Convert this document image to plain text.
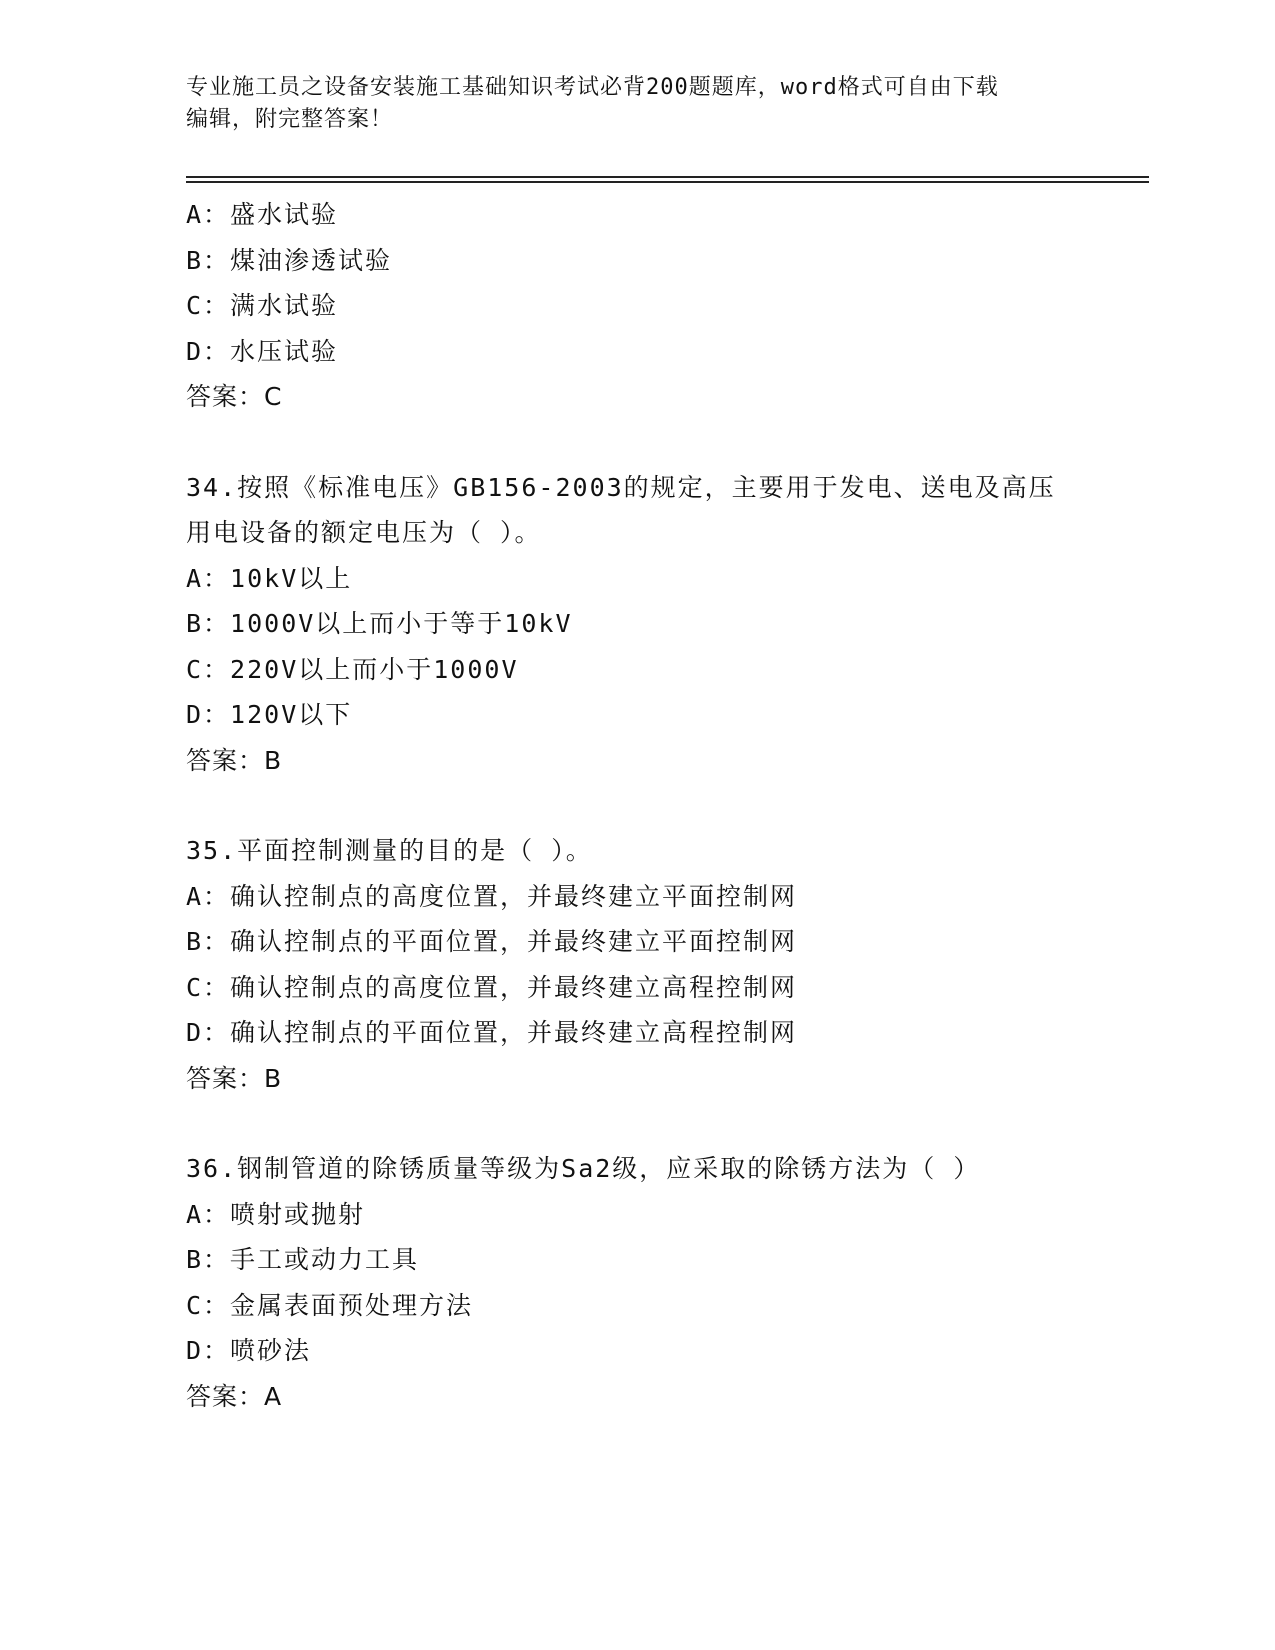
专业施工员之设备安装施工基础知识考试必背200题题库，word格式可自由下载
编辑，附完整答案！
A：盛水试验
B：煤油渗透试验
C：满水试验
D：水压试验
答案：C
34.按照《标准电压》GB156-2003的规定，主要用于发电、送电及高压
用电设备的额定电压为（ ）。
A：10kV以上
B：1000V以上而小于等于10kV
C：220V以上而小于1000V
D：120V以下
答案：B
35.平面控制测量的目的是（ ）。
A：确认控制点的高度位置，并最终建立平面控制网
B：确认控制点的平面位置，并最终建立平面控制网
C：确认控制点的高度位置，并最终建立高程控制网
D：确认控制点的平面位置，并最终建立高程控制网
答案：B
36.钢制管道的除锈质量等级为Sa2级，应采取的除锈方法为（ ）
A：喷射或抛射
B：手工或动力工具
C：金属表面预处理方法
D：喷砂法
答案：A
